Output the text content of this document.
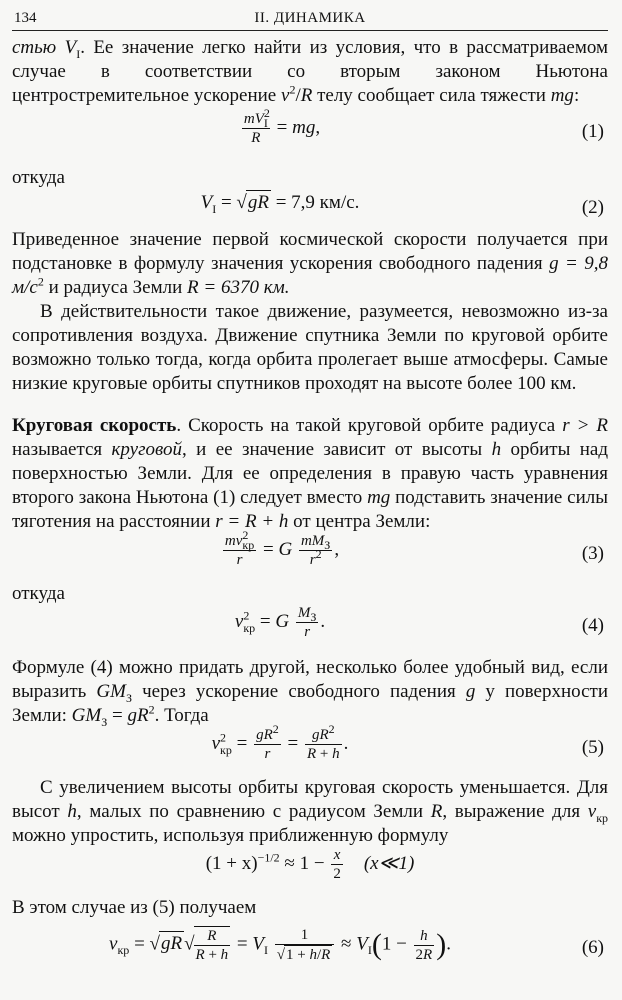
134	II. ДИНАМИКА

стью $V_I$. Ее значение легко найти из условия, что в рассматриваемом случае в соответствии со вторым законом Ньютона центростремительное ускорение $v^2/R$ телу сообщает сила тяжести mg:

$\frac{mV^2_I}{R}$ = mg,	(1)
откуда
$V_I = √gR = 7,9$ км/с.	(2)

Приведенное значение первой космической скорости получается при подстановке в формулу значения ускорения свободного падения g = 9,8 $м/с^2$ и радиуса Земли R = 6370 км.

В действительности такое движение, разумеется, невозможно из-за сопротивления воздуха. Движение спутника Земли по круговой орбите возможно только тогда, когда орбита пролегает выше атмосферы. Самые низкие круговые орбиты спутников проходят на высоте более 100 км.

Круговая скорость. Скорость на такой круговой орбите радиуса r > R называется круговой, и ее значение зависит от высоты h орбиты над поверхностью Земли. Для ее определения в правую часть уравнения второго закона Ньютона (1) следует вместо mg подставить значение силы тяготения на расстоянии r = R + h от центра Земли:

$\frac{mv^2_{кр}}{r} = G \frac{mM_З}{r^2}$ ,	(3)
откуда
$v^2_{кр} = G \frac{M_З}{r}$ .	(4)

Формуле (4) можно придать другой, несколько более удобный вид, если выразить $GM_З$ через ускорение свободного падения g у поверхности Земли: $GM_З = gR^2$. Тогда

$v^2_{кр} = \frac{gR^2}{r} = \frac{gR^2}{R + h}$ .	(5)

С увеличением высоты орбиты круговая скорость уменьшается. Для высот h, малых по сравнению с радиусом Земли R, выражение для $v_{кр}$ можно упростить, используя приближенную формулу

$(1 + x)^{-1/2} \approx 1 - \frac{x}{2}$ (x≪1)

В этом случае из (5) получаем

$v_{кр} = √gR$ √ $\frac{R}{R + h} = V_I \frac{1}{√1 + h/R} \approx V_I(1 - \frac{h}{2R}$ ).	(6)
